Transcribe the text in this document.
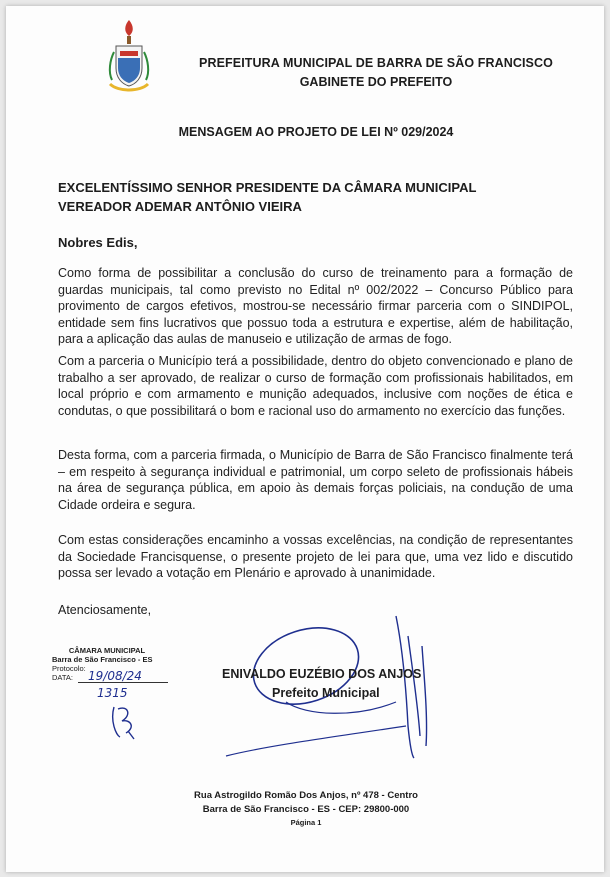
PREFEITURA MUNICIPAL DE BARRA DE SÃO FRANCISCO
GABINETE DO PREFEITO
MENSAGEM AO PROJETO DE LEI Nº 029/2024
EXCELENTÍSSIMO SENHOR PRESIDENTE DA CÂMARA MUNICIPAL
VEREADOR ADEMAR ANTÔNIO VIEIRA
Nobres Edis,
Como forma de possibilitar a conclusão do curso de treinamento para a formação de guardas municipais, tal como previsto no Edital nº 002/2022 – Concurso Público para provimento de cargos efetivos, mostrou-se necessário firmar parceria com o SINDIPOL, entidade sem fins lucrativos que possuo toda a estrutura e expertise, além de habilitação, para a aplicação das aulas de manuseio e utilização de armas de fogo.
Com a parceria o Município terá a possibilidade, dentro do objeto convencionado e plano de trabalho a ser aprovado, de realizar o curso de formação com profissionais habilitados, em local próprio e com armamento e munição adequados, inclusive com noções de ética e condutas, o que possibilitará o bom e racional uso do armamento no exercício das funções.
Desta forma, com a parceria firmada, o Município de Barra de São Francisco finalmente terá – em respeito à segurança individual e patrimonial, um corpo seleto de profissionais hábeis na área de segurança pública, em apoio às demais forças policiais, na condução de uma Cidade ordeira e segura.
Com estas considerações encaminho a vossas excelências, na condição de representantes da Sociedade Francisquense, o presente projeto de lei para que, uma vez lido e discutido possa ser levado a votação em Plenário e aprovado à unanimidade.
Atenciosamente,
CÂMARA MUNICIPAL
Barra de São Francisco - ES
Protocolo:
DATA: 19/08/24
1315
ENIVALDO EUZÉBIO DOS ANJOS
Prefeito Municipal
Rua Astrogildo Romão Dos Anjos, nº 478 - Centro
Barra de São Francisco - ES - CEP: 29800-000
Página 1
